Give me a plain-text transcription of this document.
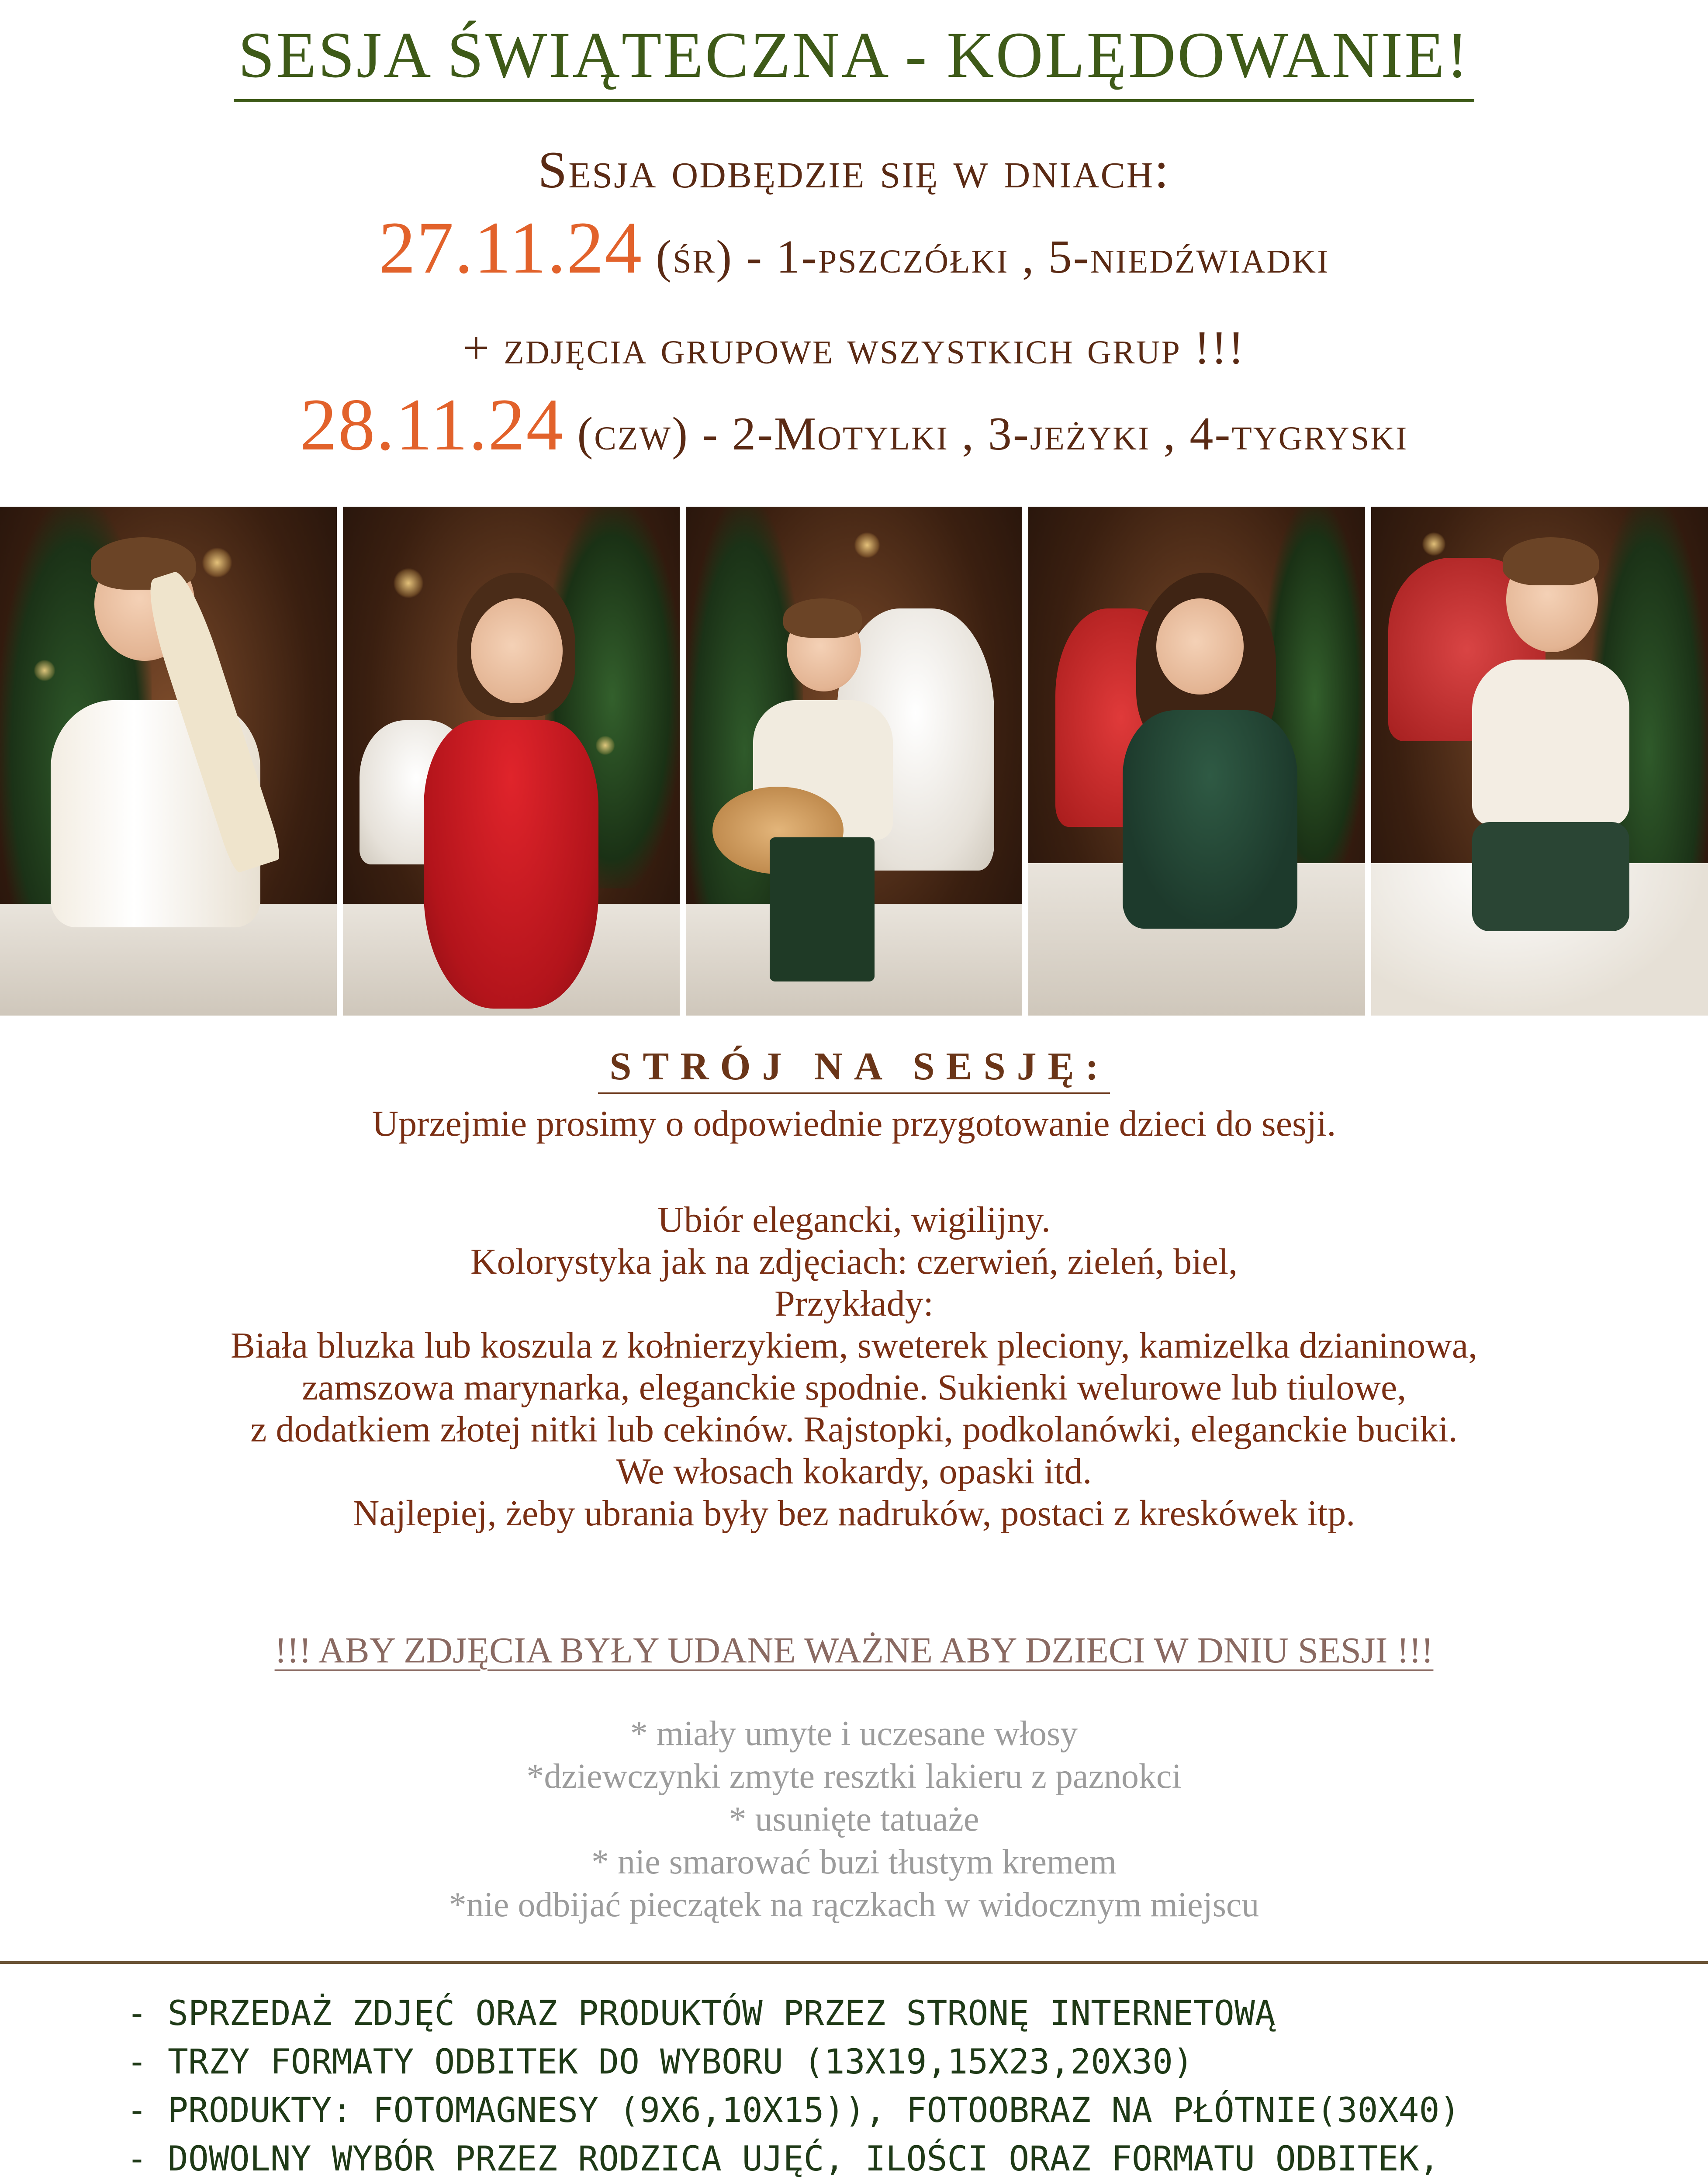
SESJA ŚWIĄTECZNA - KOLĘDOWANIE!
Sesja odbędzie się w dniach:
27.11.24 (śr) - 1-pszczółki , 5-niedźwiadki
+ zdjęcia grupowe wszystkich grup !!!
28.11.24 (czw) - 2-Motylki , 3-jeżyki , 4-tygryski
STRÓJ NA SESJĘ:
Uprzejmie prosimy o odpowiednie przygotowanie dzieci do sesji.
Ubiór elegancki, wigilijny.
Kolorystyka jak na zdjęciach: czerwień, zieleń, biel,
Przykłady:
Biała bluzka lub koszula z kołnierzykiem, sweterek pleciony, kamizelka dzianinowa,
zamszowa marynarka, eleganckie spodnie. Sukienki welurowe lub tiulowe,
z dodatkiem złotej nitki lub cekinów. Rajstopki, podkolanówki, eleganckie buciki.
We włosach kokardy, opaski itd.
Najlepiej, żeby ubrania były bez nadruków, postaci z kreskówek itp.
!!! ABY ZDJĘCIA BYŁY UDANE WAŻNE ABY DZIECI W DNIU SESJI !!!
* miały umyte i uczesane włosy
*dziewczynki zmyte resztki lakieru z paznokci
* usunięte tatuaże
* nie smarować buzi tłustym kremem
*nie odbijać pieczątek na rączkach w widocznym miejscu
- SPRZEDAŻ ZDJĘĆ ORAZ PRODUKTÓW PRZEZ STRONĘ INTERNETOWĄ
- TRZY FORMATY ODBITEK DO WYBORU (13X19,15X23,20X30)
- PRODUKTY: FOTOMAGNESY (9X6,10X15)), FOTOOBRAZ NA PŁÓTNIE(30X40)
- DOWOLNY WYBÓR PRZEZ RODZICA UJĘĆ, ILOŚCI ORAZ FORMATU ODBITEK,
